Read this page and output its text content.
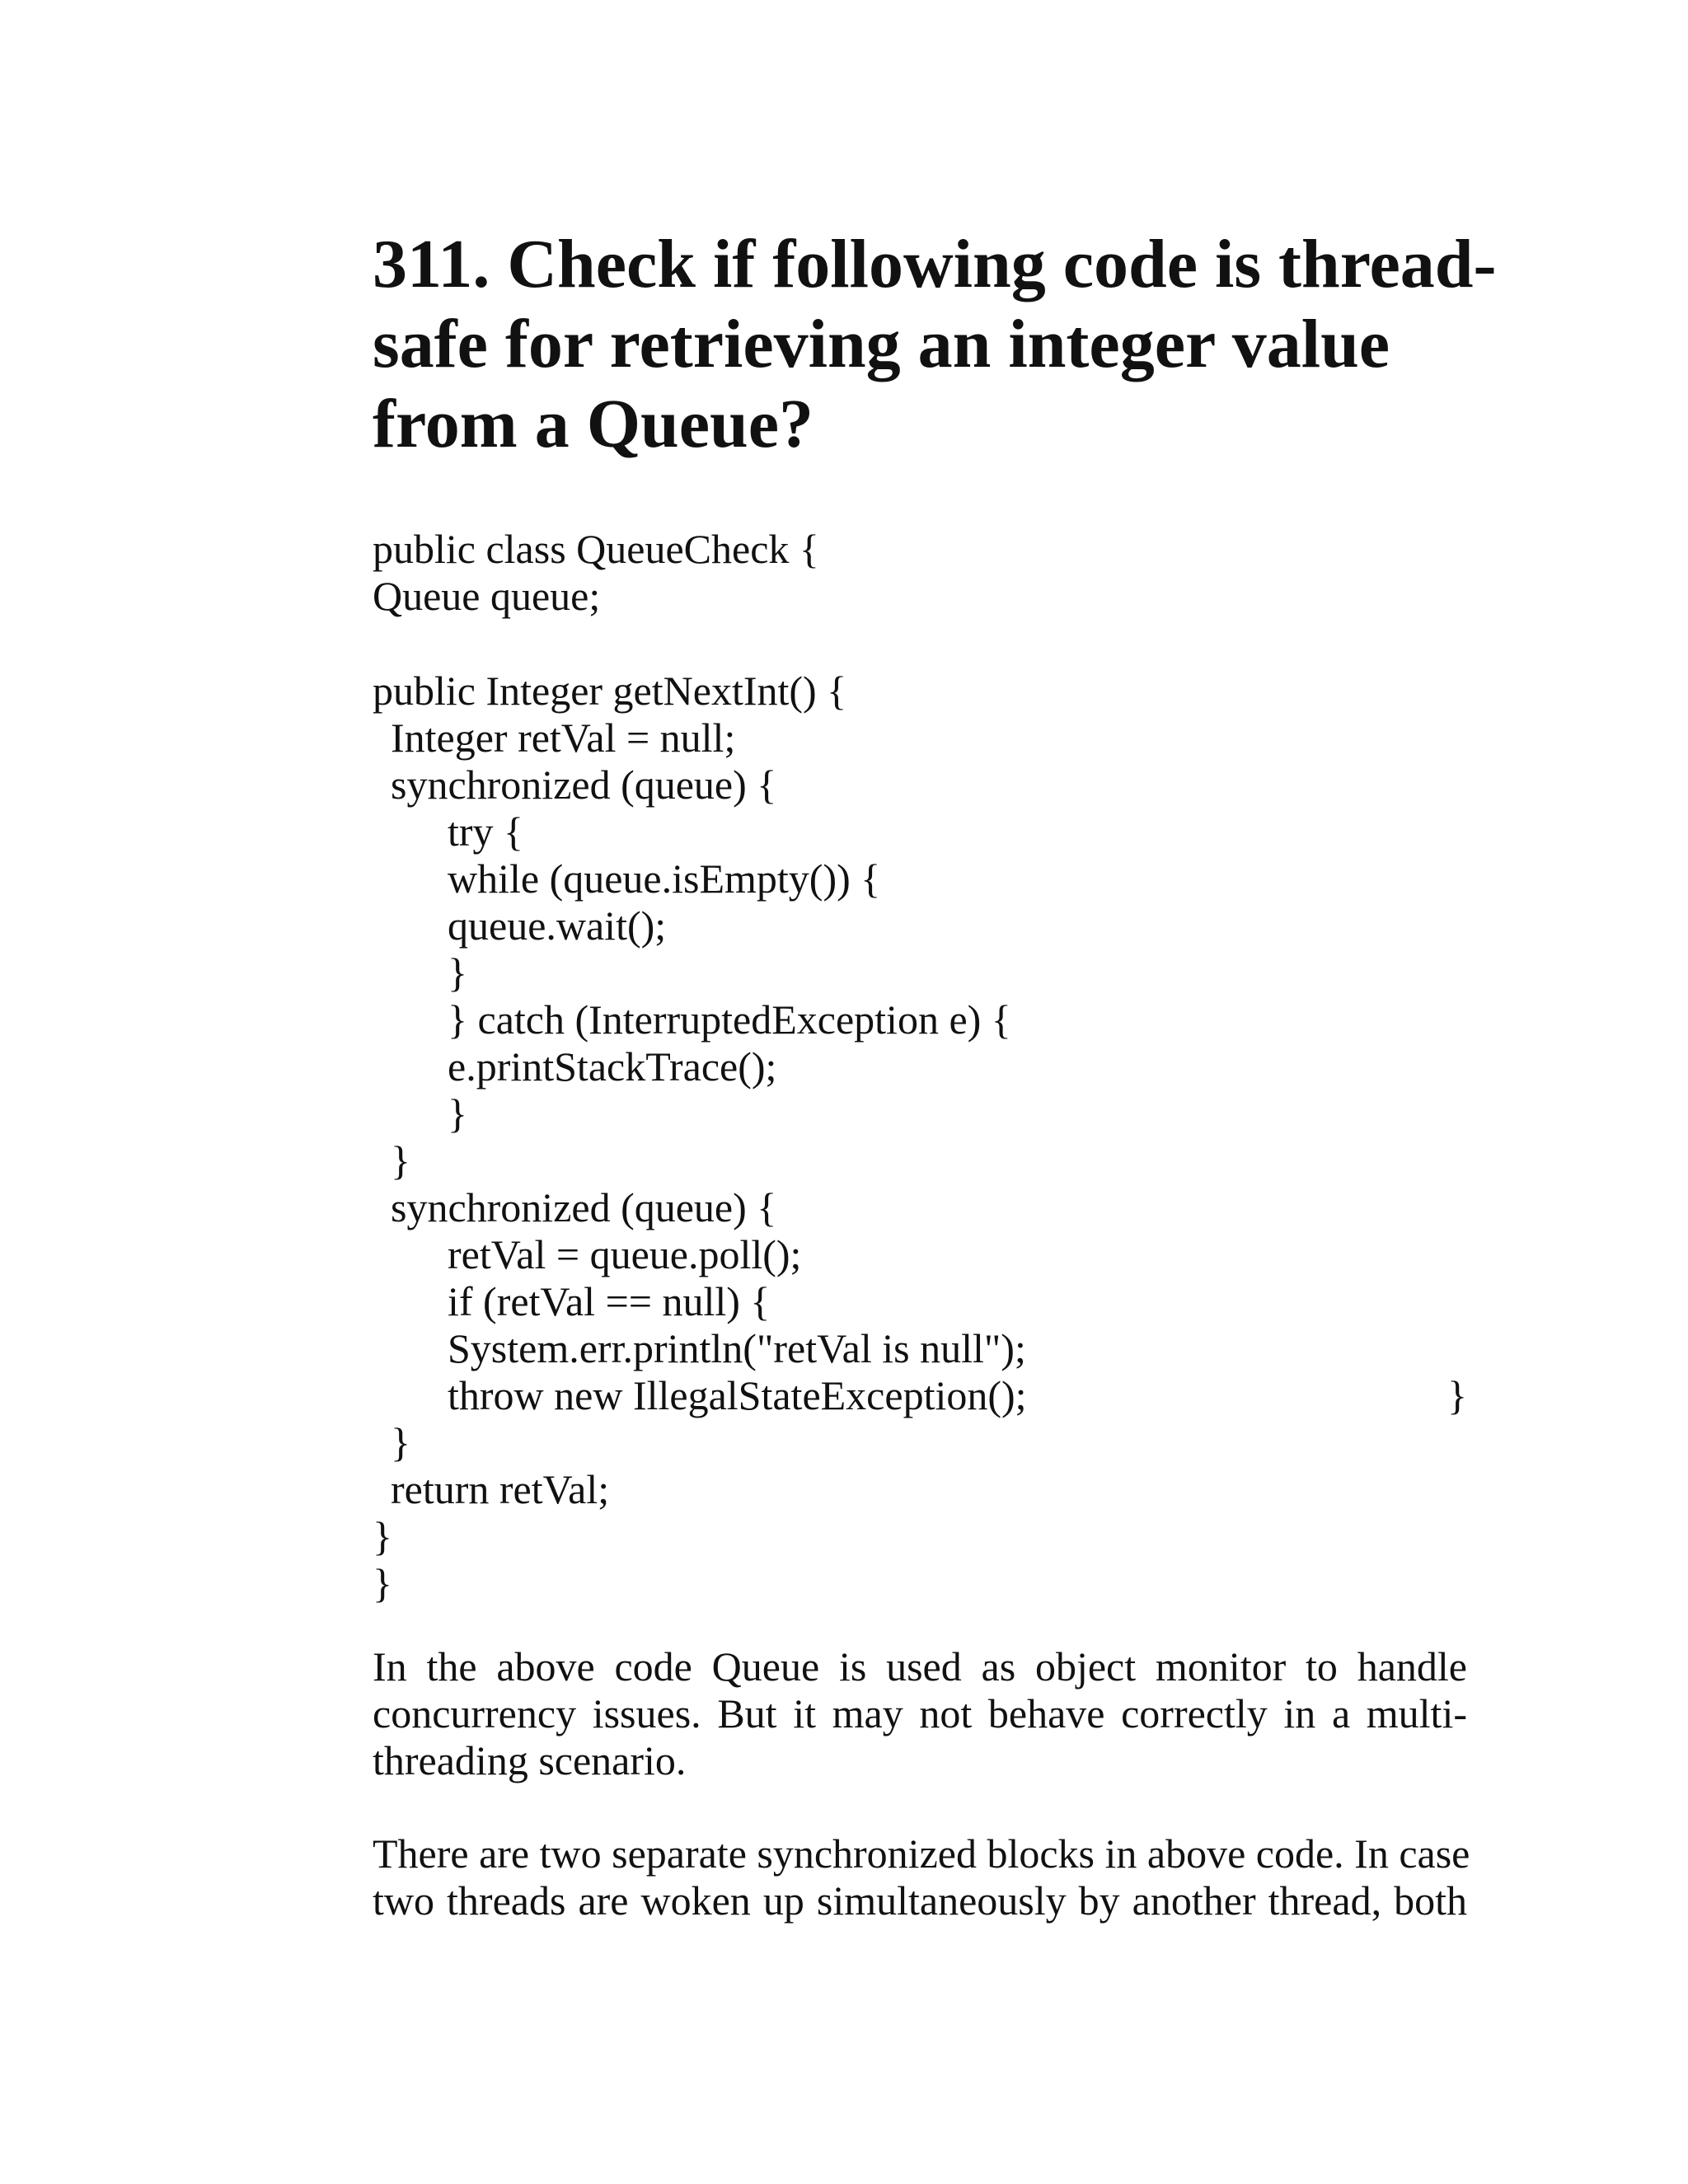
311. Check if following code is thread-
safe for retrieving an integer value
from a Queue?
public class QueueCheck {
Queue queue;
public Integer getNextInt() {
Integer retVal = null;
synchronized (queue) {
try {
while (queue.isEmpty()) {
queue.wait();
}
} catch (InterruptedException e) {
e.printStackTrace();
}
}
synchronized (queue) {
retVal = queue.poll();
if (retVal == null) {
System.err.println("retVal is null");
throw new IllegalStateException();	}
}
return retVal;
}
}

In the above code Queue is used as object monitor to handle
concurrency issues. But it may not behave correctly in a multi-
threading scenario.

There are two separate synchronized blocks in above code. In case
two threads are woken up simultaneously by another thread, both
